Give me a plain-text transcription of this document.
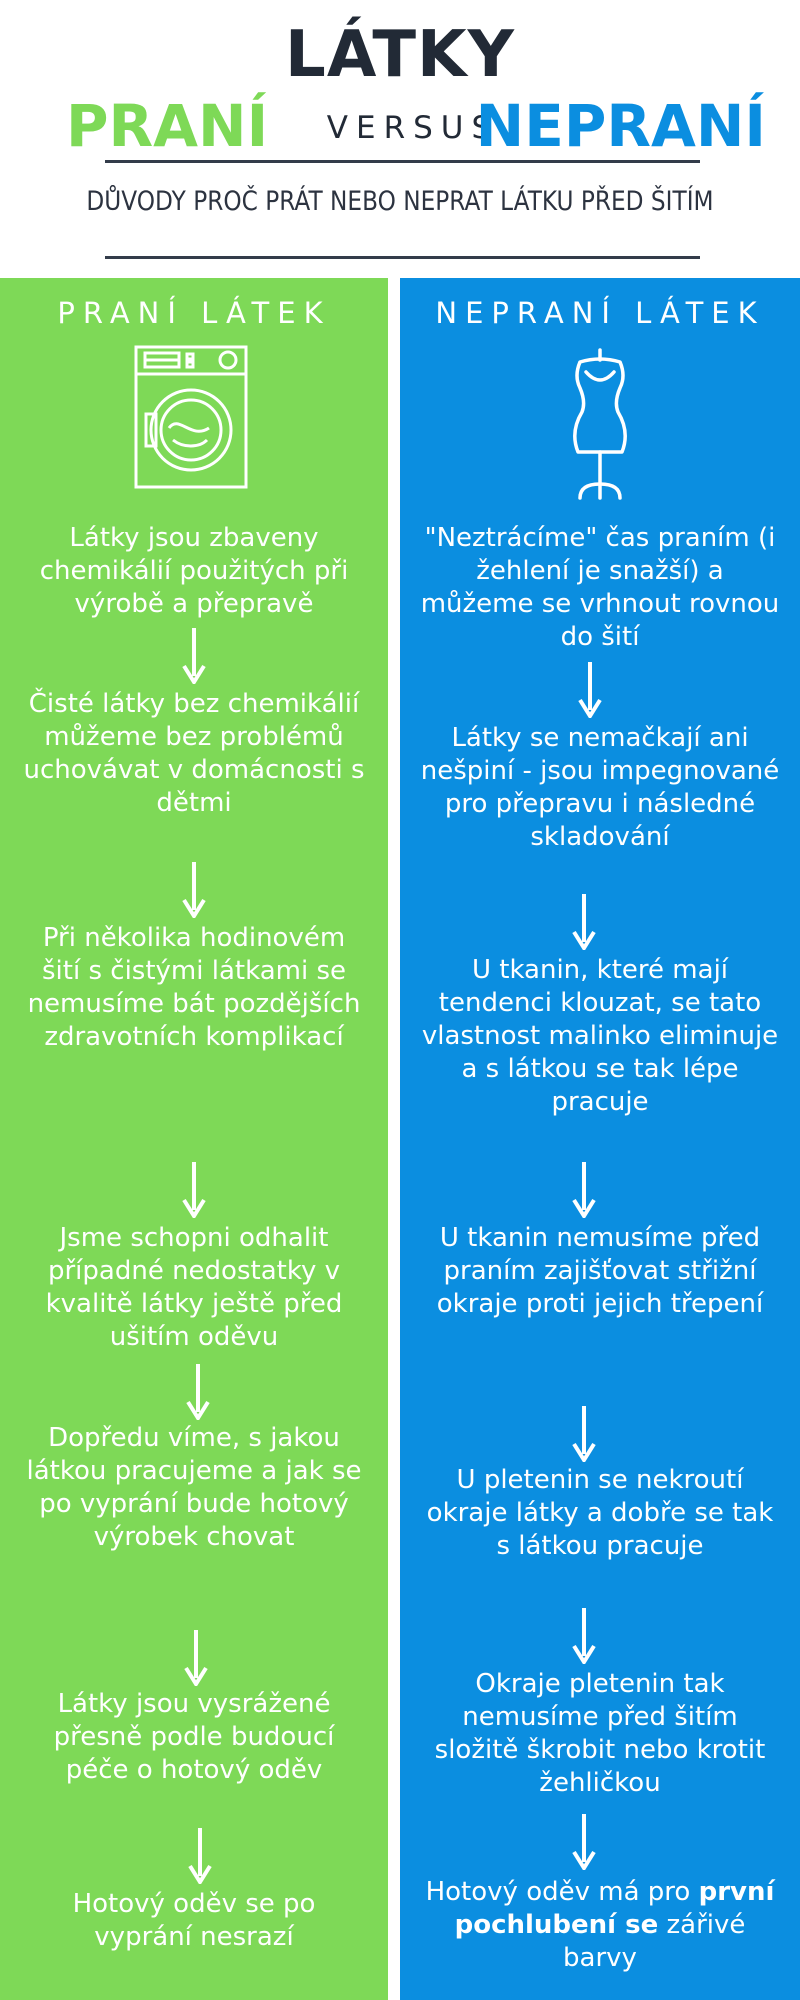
LÁTKY
PRANÍ	VERSUS
NEPRANÍ
DŮVODY PROČ PRÁT NEBO NEPRAT LÁTKU PŘED ŠITÍM
PRANÍ LÁTEK
Látky jsou zbaveny chemikálií použitých při výrobě a přepravě
Čisté látky bez chemikálií můžeme bez problémů uchovávat v domácnosti s dětmi
Při několika hodinovém šití s čistými látkami se nemusíme bát pozdějších zdravotních komplikací
Jsme schopni odhalit případné nedostatky v kvalitě látky ještě před ušitím oděvu
Dopředu víme, s jakou látkou pracujeme a jak se po vyprání bude hotový výrobek chovat
Látky jsou vysrážené přesně podle budoucí péče o hotový oděv
Hotový oděv se po vyprání nesrazí
NEPRANÍ LÁTEK
"Neztrácíme" čas praním (i žehlení je snažší) a můžeme se vrhnout rovnou do šití
Látky se nemačkají ani nešpiní - jsou impegnované pro přepravu i následné skladování
U tkanin, které mají tendenci klouzat, se tato vlastnost malinko eliminuje a s látkou se tak lépe pracuje
U tkanin nemusíme před praním zajišťovat střižní okraje proti jejich třepení
U pletenin se nekroutí okraje látky a dobře se tak s látkou pracuje
Okraje pletenin tak nemusíme před šitím složitě škrobit nebo krotit žehličkou
Hotový oděv má pro první pochlubení se zářivé barvy
